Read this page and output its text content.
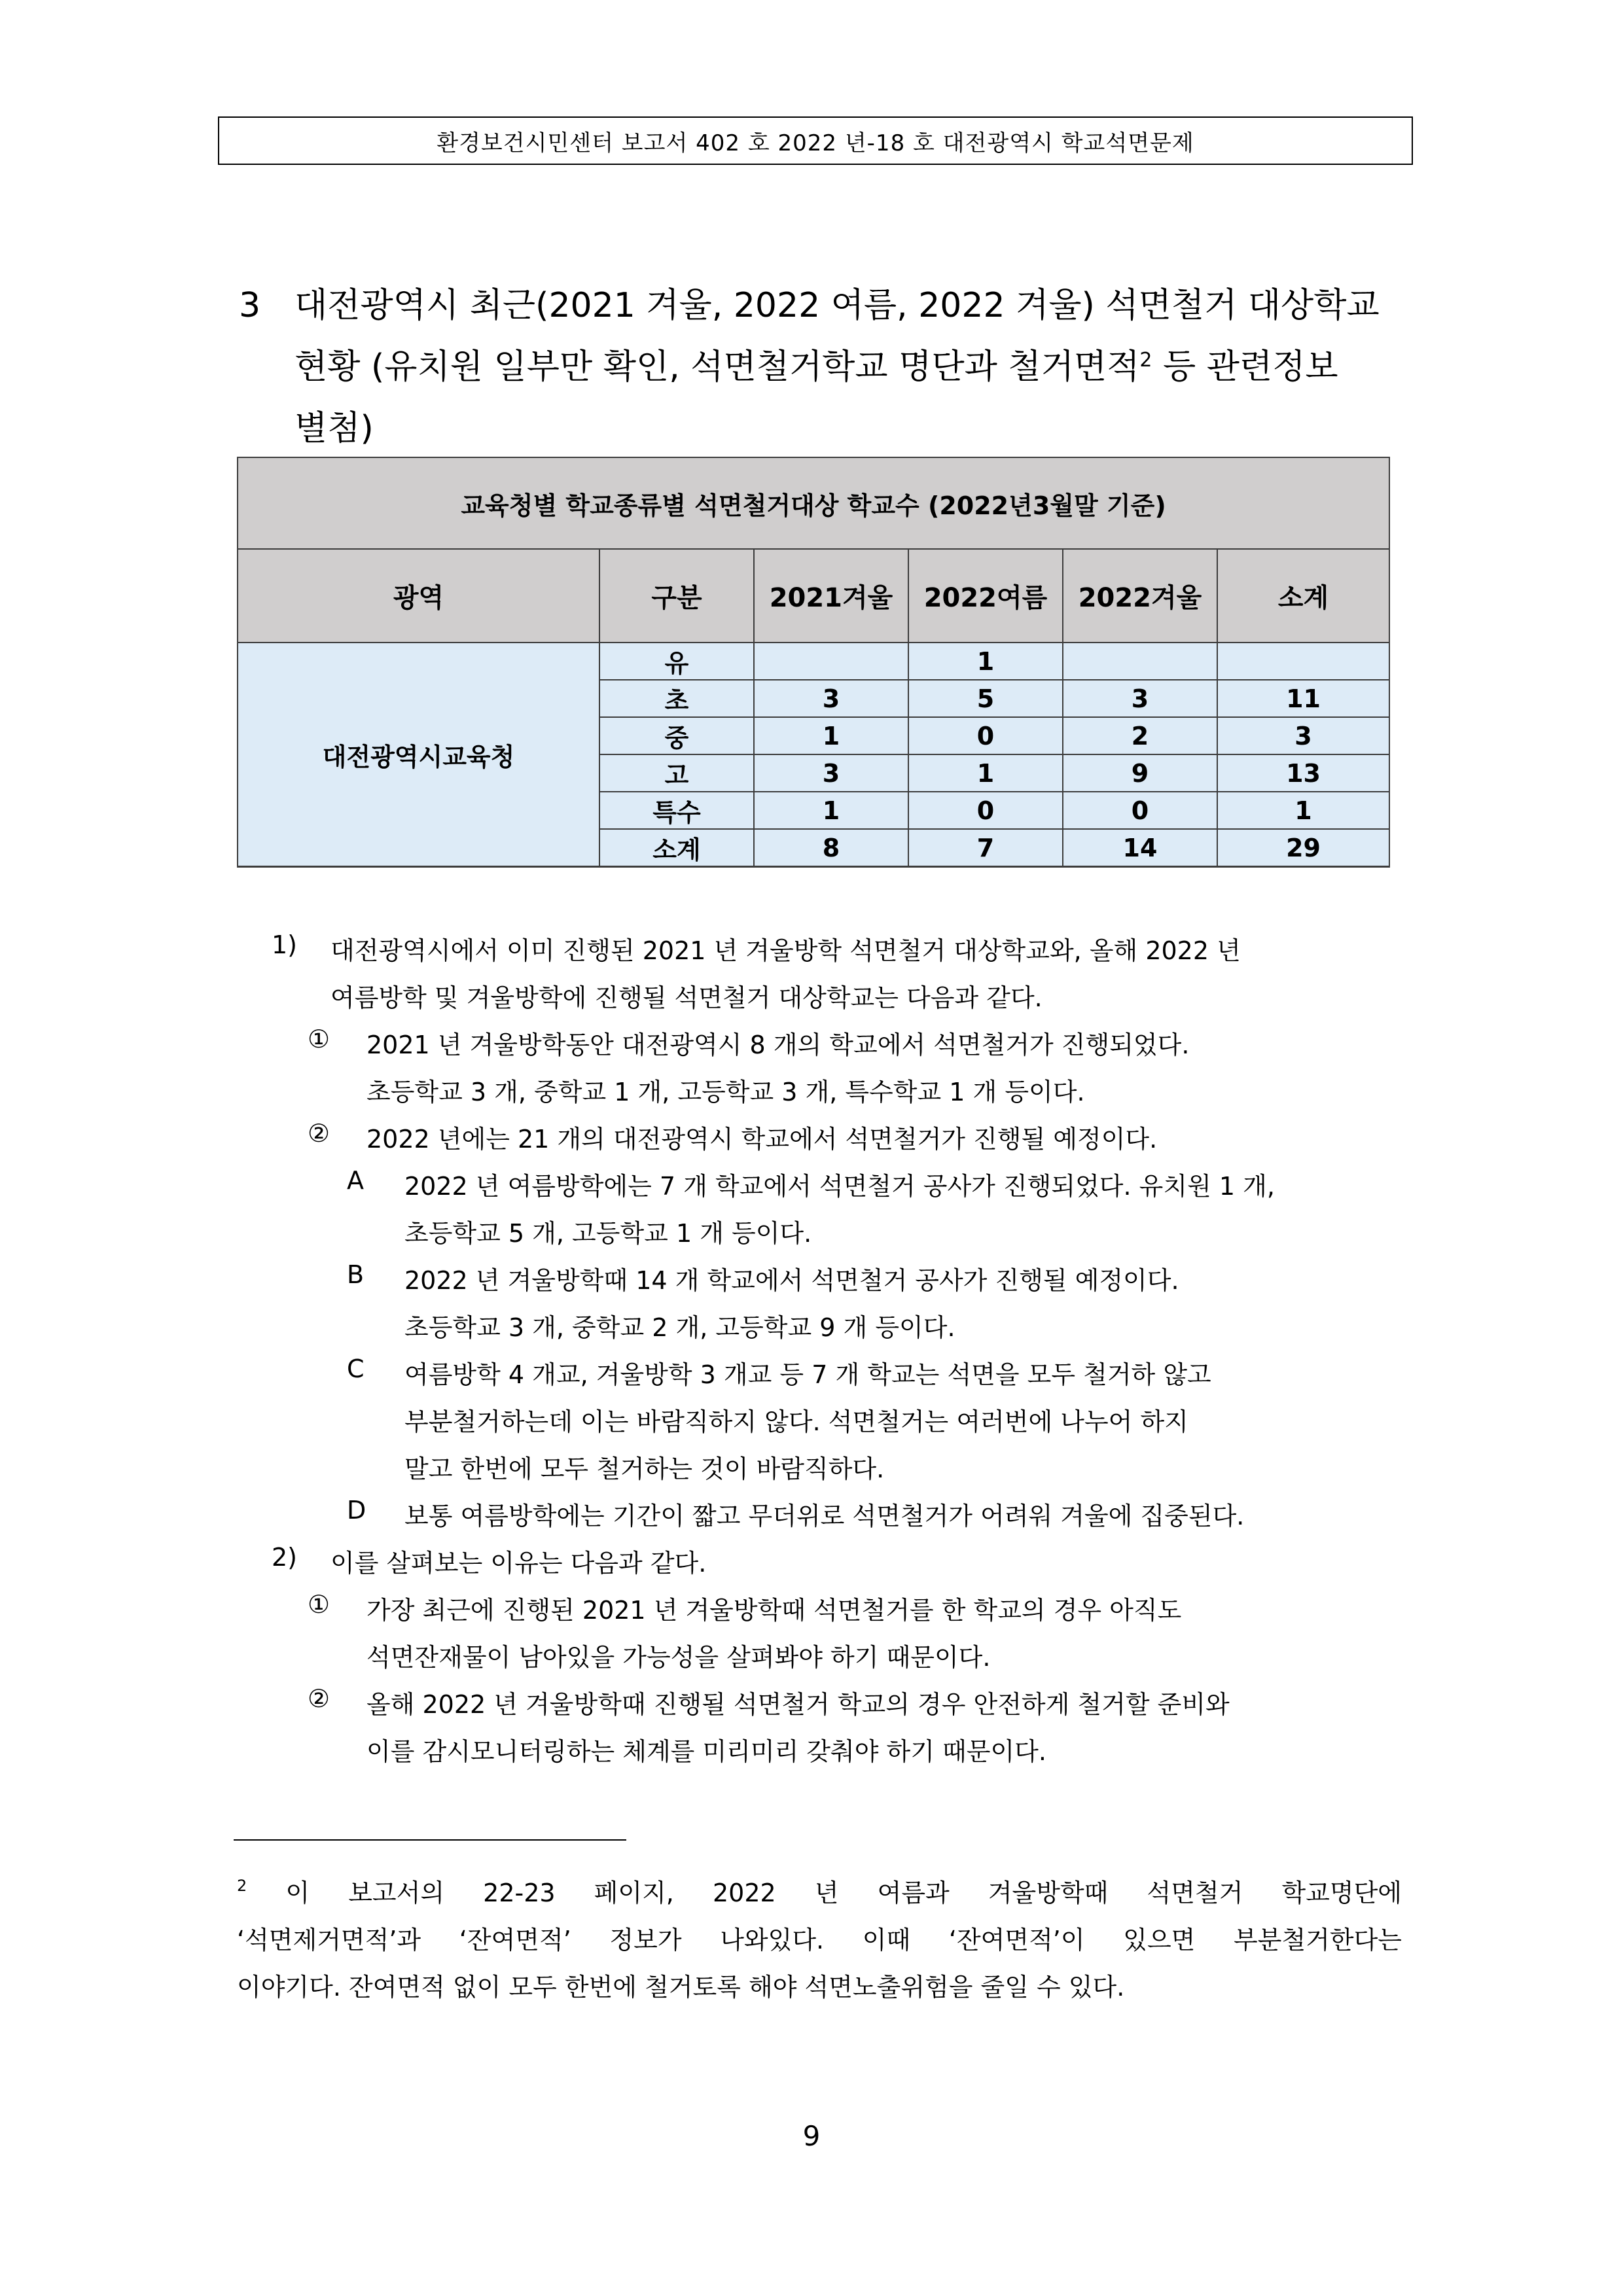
환경보건시민센터 보고서 402 호 2022 년-18 호 대전광역시 학교석면문제
3 대전광역시 최근(2021 겨울, 2022 여름, 2022 겨울) 석면철거 대상학교
현황 (유치원 일부만 확인, 석면철거학교 명단과 철거면적$^2$ 등 관련정보
별첨)
교육청별 학교종류별 석면철거대상 학교수 (2022년3월말 기준)					
광역	구분	2021겨울	2022여름	2022겨울	소계
대전광역시교육청	유		1		
	초	3	5	3	11
	중	1	0	2	3
	고	3	1	9	13
	특수	1	0	0	1
	소계	8	7	14	29
1) 대전광역시에서 이미 진행된 2021 년 겨울방학 석면철거 대상학교와, 올해 2022 년
여름방학 및 겨울방학에 진행될 석면철거 대상학교는 다음과 같다.
① 2021 년 겨울방학동안 대전광역시 8 개의 학교에서 석면철거가 진행되었다.
초등학교 3 개, 중학교 1 개, 고등학교 3 개, 특수학교 1 개 등이다.
② 2022 년에는 21 개의 대전광역시 학교에서 석면철거가 진행될 예정이다.
A 2022 년 여름방학에는 7 개 학교에서 석면철거 공사가 진행되었다. 유치원 1 개,
초등학교 5 개, 고등학교 1 개 등이다.
B 2022 년 겨울방학때 14 개 학교에서 석면철거 공사가 진행될 예정이다.
초등학교 3 개, 중학교 2 개, 고등학교 9 개 등이다.
C 여름방학 4 개교, 겨울방학 3 개교 등 7 개 학교는 석면을 모두 철거하 않고
부분철거하는데 이는 바람직하지 않다. 석면철거는 여러번에 나누어 하지
말고 한번에 모두 철거하는 것이 바람직하다.
D 보통 여름방학에는 기간이 짧고 무더위로 석면철거가 어려워 겨울에 집중된다.
2) 이를 살펴보는 이유는 다음과 같다.
① 가장 최근에 진행된 2021 년 겨울방학때 석면철거를 한 학교의 경우 아직도
석면잔재물이 남아있을 가능성을 살펴봐야 하기 때문이다.
② 올해 2022 년 겨울방학때 진행될 석면철거 학교의 경우 안전하게 철거할 준비와
이를 감시모니터링하는 체계를 미리미리 갖춰야 하기 때문이다.
$^2$ 이 보고서의 22-23 페이지, 2022 년 여름과 겨울방학때 석면철거 학교명단에
‘석면제거면적’과 ‘잔여면적’ 정보가 나와있다. 이때 ‘잔여면적’이 있으면 부분철거한다는
이야기다. 잔여면적 없이 모두 한번에 철거토록 해야 석면노출위험을 줄일 수 있다.
9
